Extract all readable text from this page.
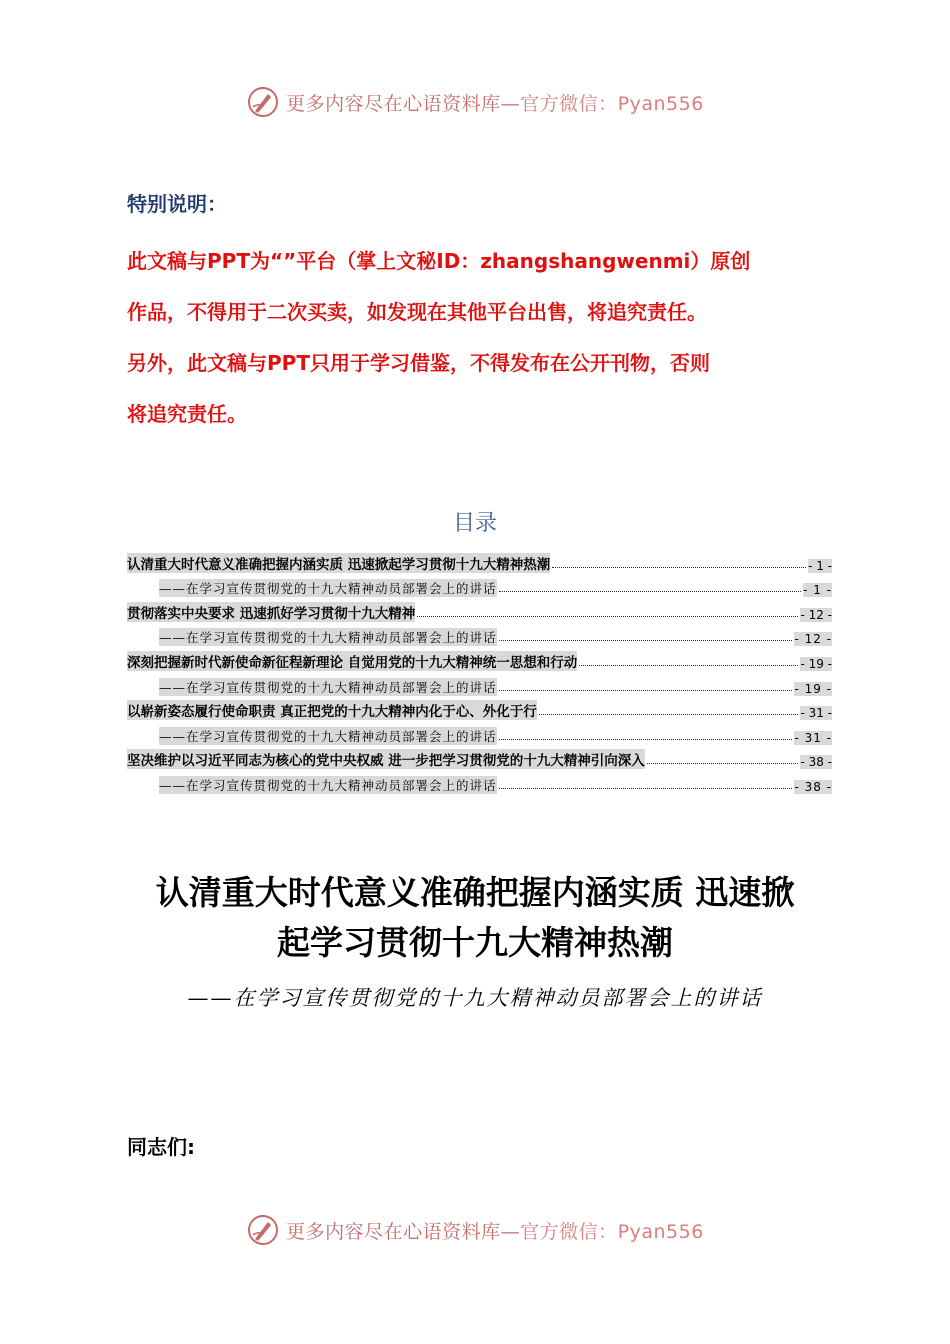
更多内容尽在心语资料库—官方微信：Pyan556
特别说明：

此文稿与PPT为“”平台（掌上文秘ID：zhangshangwenmi）原创

作品，不得用于二次买卖，如发现在其他平台出售，将追究责任。

另外，此文稿与PPT只用于学习借鉴，不得发布在公开刊物，否则

将追究责任。

目录
认清重大时代意义准确把握内涵实质 迅速掀起学习贯彻十九大精神热潮	- 1 -
——在学习宣传贯彻党的十九大精神动员部署会上的讲话	- 1 -
贯彻落实中央要求 迅速抓好学习贯彻十九大精神	- 12 -
——在学习宣传贯彻党的十九大精神动员部署会上的讲话	- 12 -
深刻把握新时代新使命新征程新理论 自觉用党的十九大精神统一思想和行动	- 19 -
——在学习宣传贯彻党的十九大精神动员部署会上的讲话	- 19 -
以崭新姿态履行使命职责 真正把党的十九大精神内化于心、外化于行	- 31 -
——在学习宣传贯彻党的十九大精神动员部署会上的讲话	- 31 -
坚决维护以习近平同志为核心的党中央权威 进一步把学习贯彻党的十九大精神引向深入	- 38 -
——在学习宣传贯彻党的十九大精神动员部署会上的讲话	- 38 -
认清重大时代意义准确把握内涵实质 迅速掀
起学习贯彻十九大精神热潮
——在学习宣传贯彻党的十九大精神动员部署会上的讲话
同志们:
更多内容尽在心语资料库—官方微信：Pyan556
